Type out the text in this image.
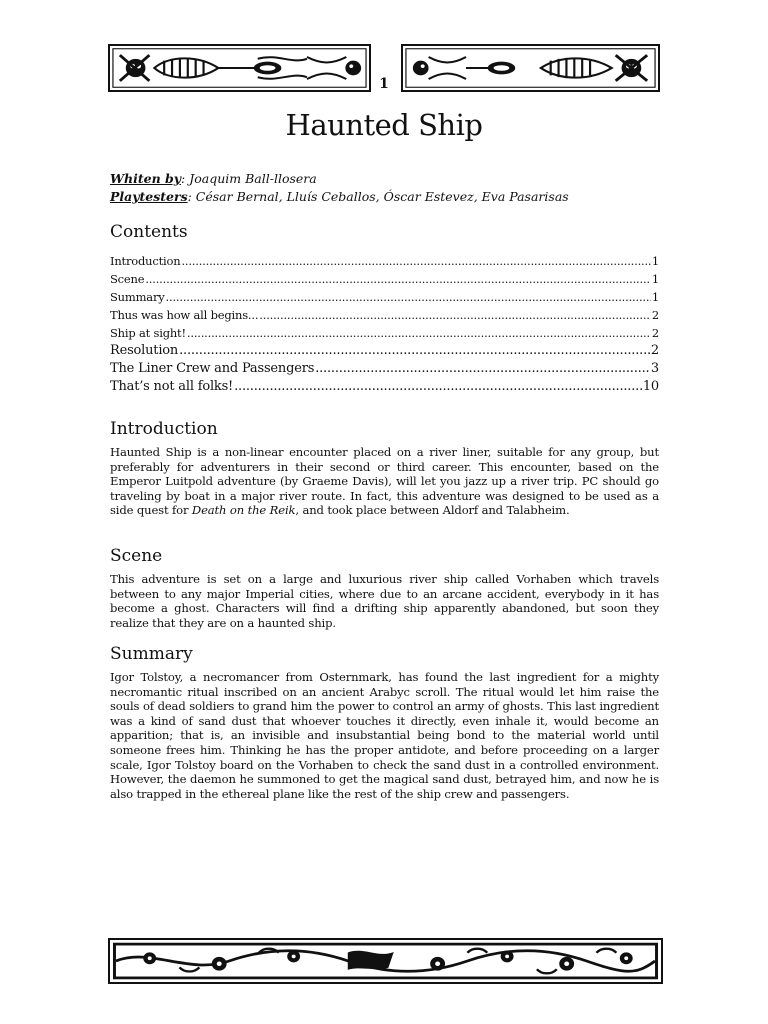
1
Haunted Ship
Whiten by: Joaquim Ball-llosera
Playtesters: César Bernal, Lluís Ceballos, Óscar Estevez, Eva Pasarisas
Contents
Introduction .....	1
Scene .....	1
Summary .....	1
Thus was how all begins... .....	2
Ship at sight! .....	2
Resolution .....	2
The Liner Crew and Passengers .....	3
That’s not all folks! .....	10
Introduction

Haunted Ship is a non-linear encounter placed on a river liner, suitable for any group, but preferably for adventurers in their second or third career. This encounter, based on the Emperor Luitpold adventure (by Graeme Davis), will let you jazz up a river trip. PC should go traveling by boat in a major river route. In fact, this adventure was designed to be used as a side quest for Death on the Reik, and took place between Aldorf and Talabheim.

Scene

This adventure is set on a large and luxurious river ship called Vorhaben which travels between to any major Imperial cities, where due to an arcane accident, everybody in it has become a ghost. Characters will find a drifting ship apparently abandoned, but soon they realize that they are on a haunted ship.

Summary

Igor Tolstoy, a necromancer from Osternmark, has found the last ingredient for a mighty necromantic ritual inscribed on an ancient Arabyc scroll. The ritual would let him raise the souls of dead soldiers to grand him the power to control an army of ghosts. This last ingredient was a kind of sand dust that whoever touches it directly, even inhale it, would become an apparition; that is, an invisible and insubstantial being bond to the material world until someone frees him. Thinking he has the proper antidote, and before proceeding on a larger scale, Igor Tolstoy board on the Vorhaben to check the sand dust in a controlled environment. However, the daemon he summoned to get the magical sand dust, betrayed him, and now he is also trapped in the ethereal plane like the rest of the ship crew and passengers.
